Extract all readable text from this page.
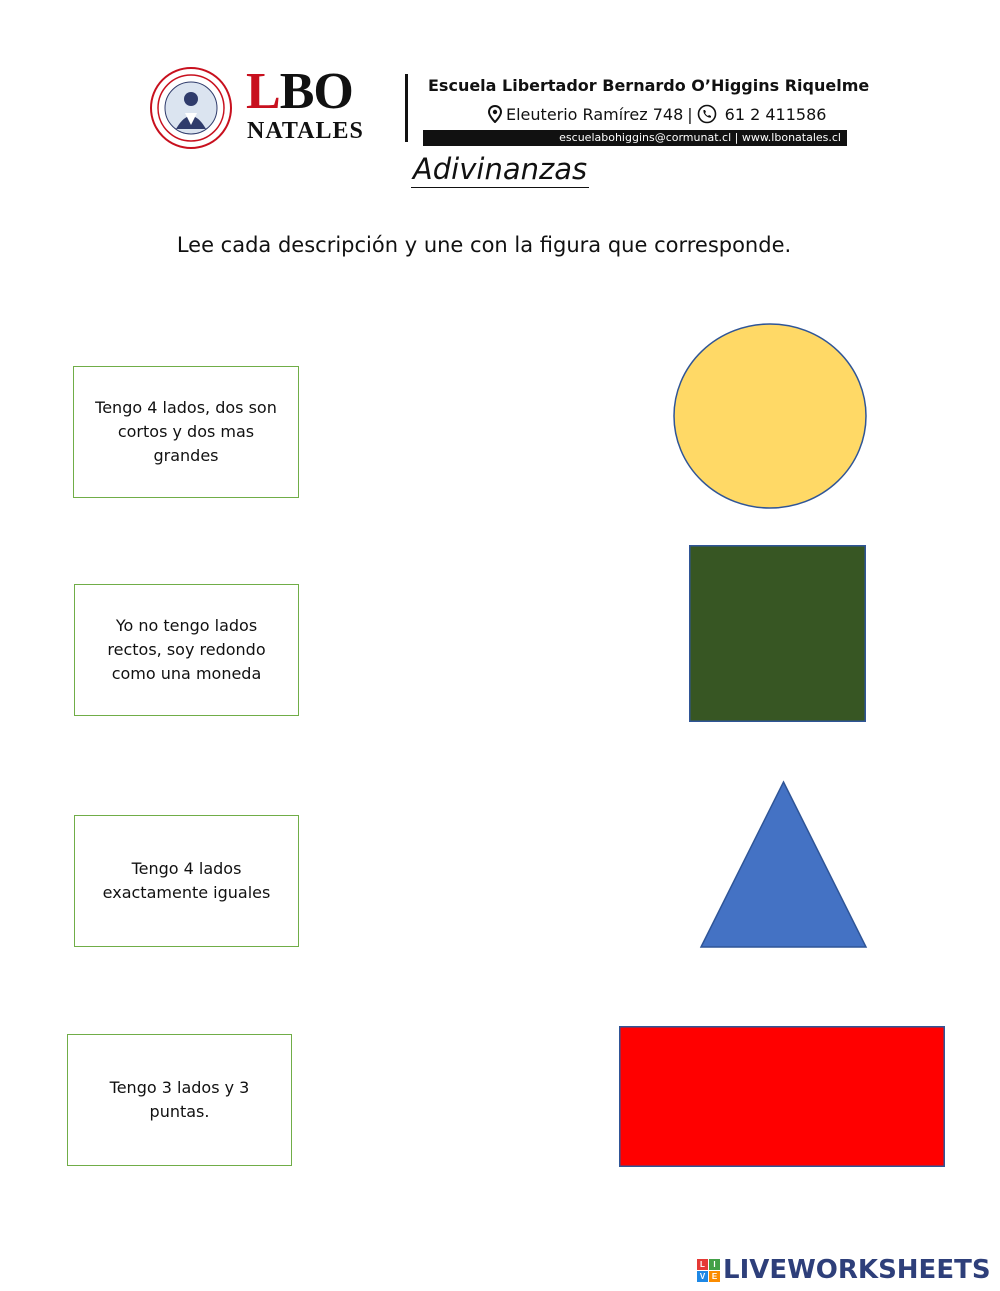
LBO
NATALES
Escuela Libertador Bernardo O’Higgins Riquelme
Eleuterio Ramírez 748 | 61 2 411586
escuelabohiggins@cormunat.cl | www.lbonatales.cl
Adivinanzas
Lee cada descripción y une con la figura que corresponde.
Tengo 4 lados, dos son cortos y dos mas grandes
Yo no tengo lados rectos, soy redondo como una moneda
Tengo 4 lados exactamente iguales
Tengo 3 lados y 3 puntas.
L	I
V E LIVEWORKSHEETS
